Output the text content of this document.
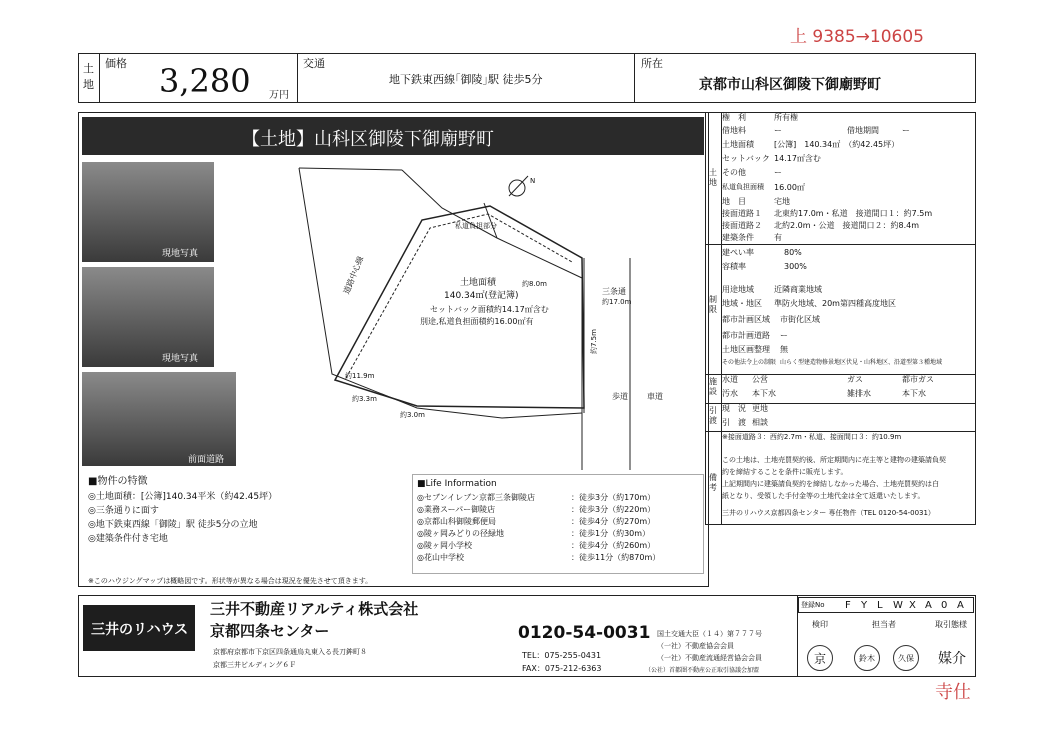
上 9385→10605
寺仕
土地
価格 3,280 万円
交通
地下鉄東西線｢御陵｣駅 徒歩5分
所在
京都市山科区御陵下御廟野町
【土地】山科区御陵下御廟野町
現地写真
現地写真
前面道路
N
土地面積
140.34㎡(登記簿)
セットバック面積約14.17㎡含む
別途,私道負担面積約16.00㎡有
道路中心線	三条通
約17.0m
歩道 車道
約3.0m
約7.5m
約11.9m
約3.3m
約8.0m
私道負担部分
■物件の特徴
◎土地面積：[公簿]140.34平米（約42.45坪）
◎三条通りに面す
◎地下鉄東西線「御陵」駅 徒歩5分の立地
◎建築条件付き宅地
■Life Information
◎セブンイレブン京都三条御陵店	：徒歩3分（約170m）
◎業務スーパー御陵店	：徒歩3分（約220m）
◎京都山科御陵郵便局	：徒歩4分（約270m）
◎陵ヶ岡みどりの径緑地	：徒歩1分（約30m）
◎陵ヶ岡小学校	：徒歩4分（約260m）
◎花山中学校	：徒歩11分（約870m）
※このハウジングマップは概略図です。形状等が異なる場合は現況を優先させて頂きます。
土地
制限
施設
引渡
備考
権　利	所有権
借地料	ー	借地期間	ー
土地面積	[公簿]　140.34㎡　（約42.45坪）
セットバック 14.17㎡含む
その他	ー
私道負担面積 16.00㎡
地　目	宅地
接面道路１ 北東約17.0m・私道　接道間口１：約7.5m
接面道路２ 北約2.0m・公道　接道間口２：約8.4m
建築条件	有
建ぺい率	80%
容積率	300%
用途地域	近隣商業地域
地域・地区 準防火地域、20m第四種高度地区
都市計画区域 市街化区域
都市計画道路 ー
土地区画整理 無
その他法令上の制限 山らく型建造物修景地区伏見・山科地区、沿道型第３種地域
水道 公営	ガス	都市ガス
汚水 本下水	雑排水	本下水
現　況 更地
引　渡 相談
※接面道路３：西約2.7m・私道、接面間口３：約10.9m
この土地は、土地売買契約後、所定期間内に売主等と建物の建築請負契
約を締結することを条件に販売します。
上記期間内に建築請負契約を締結しなかった場合、土地売買契約は白
紙となり、受領した手付金等の土地代金は全て返還いたします。
三井のリハウス京都四条センター 専任物件（TEL 0120-54-0031）
三井のリハウス
三井不動産リアルティ株式会社
京都四条センター	0120-54-0031
TEL：075-255-0431
FAX：075-212-6363
京都府京都市下京区四条通烏丸東入る長刀鉾町８
京都三井ビルディング６Ｆ
国土交通大臣（１４）第７７７号
（一社）不動産協会会員
（一社）不動産流通経営協会会員
（公社）首都圏不動産公正取引協議会加盟
登録No F Y L W X A 0 A
検印	担当者	取引態様
京	鈴木	久保	媒介
